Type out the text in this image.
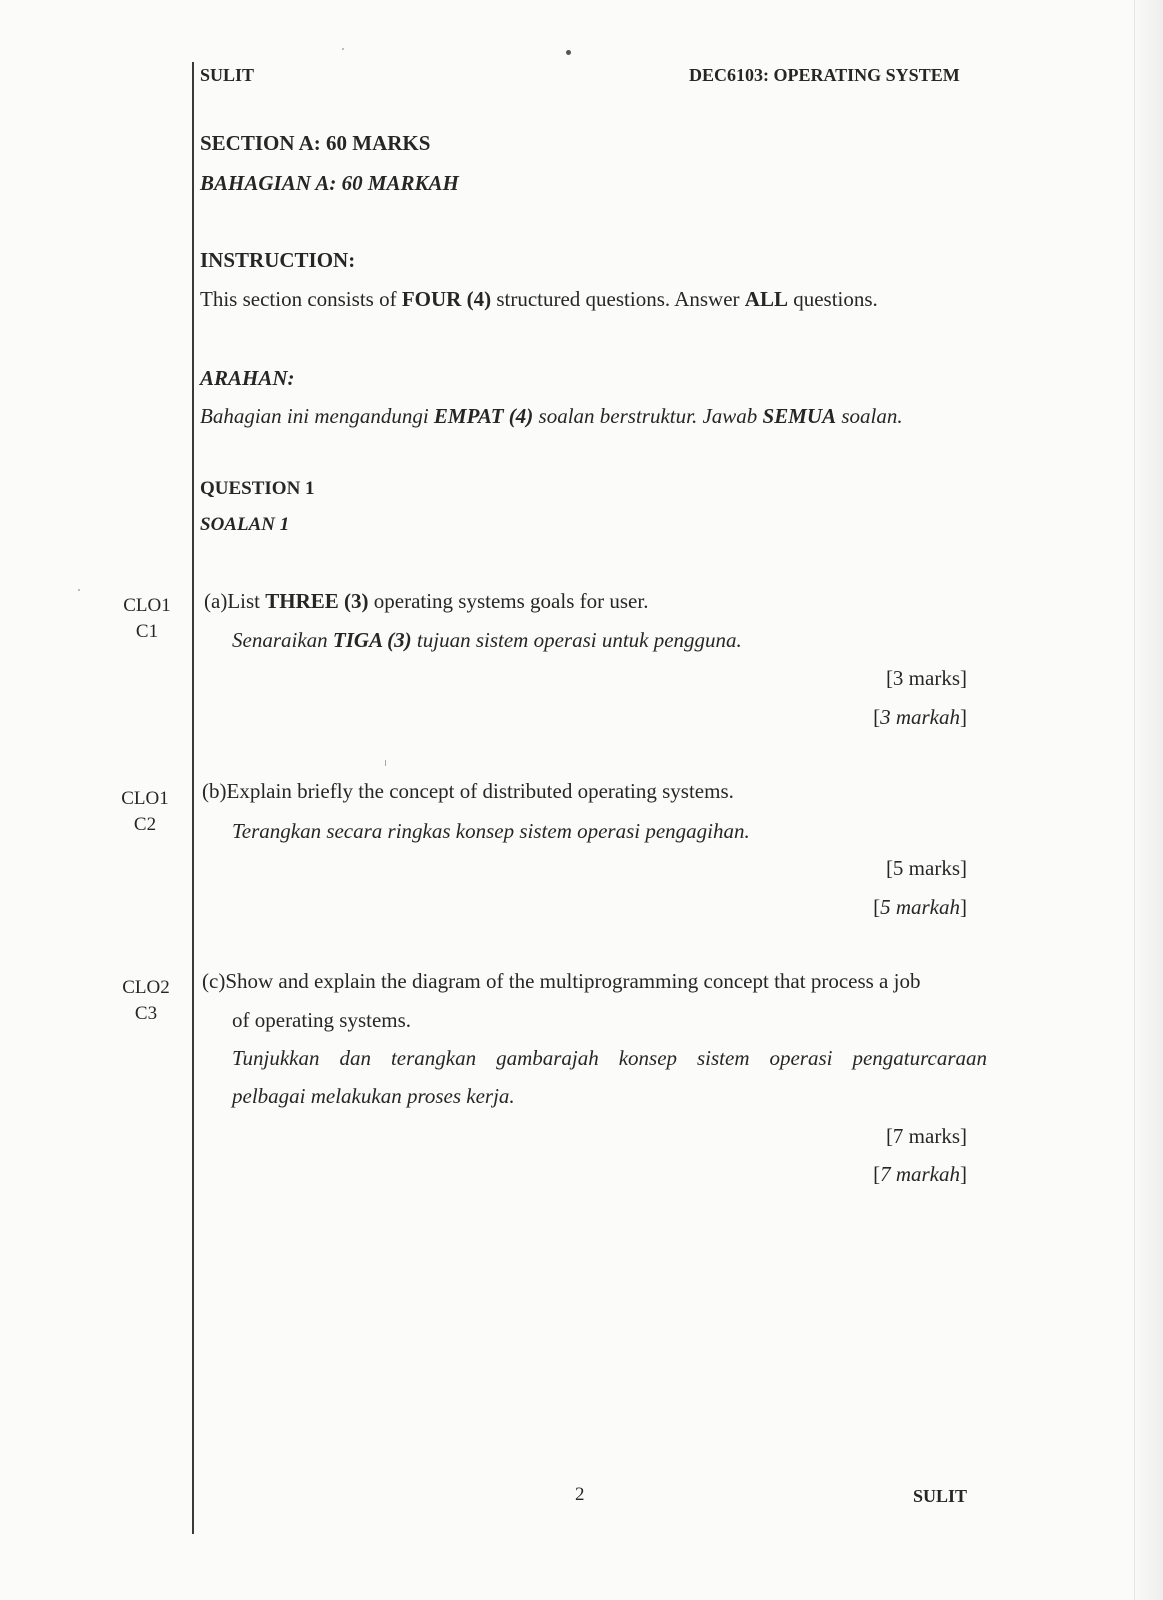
SULIT	DEC6103: OPERATING SYSTEM
SECTION A: 60 MARKS
BAHAGIAN A: 60 MARKAH
INSTRUCTION:
This section consists of FOUR (4) structured questions. Answer ALL questions.
ARAHAN:
Bahagian ini mengandungi EMPAT (4) soalan berstruktur. Jawab SEMUA soalan.
QUESTION 1
SOALAN 1
CLO1
C1
(a)List THREE (3) operating systems goals for user.
Senaraikan TIGA (3) tujuan sistem operasi untuk pengguna.
[3 marks]
[3 markah]
CLO1
C2
(b)Explain briefly the concept of distributed operating systems.
Terangkan secara ringkas konsep sistem operasi pengagihan.
[5 marks]
[5 markah]
CLO2
C3
(c)Show and explain the diagram of the multiprogramming concept that process a job
of operating systems.
Tunjukkan dan terangkan gambarajah konsep sistem operasi pengaturcaraan
pelbagai melakukan proses kerja.
[7 marks]
[7 markah]
2	SULIT
